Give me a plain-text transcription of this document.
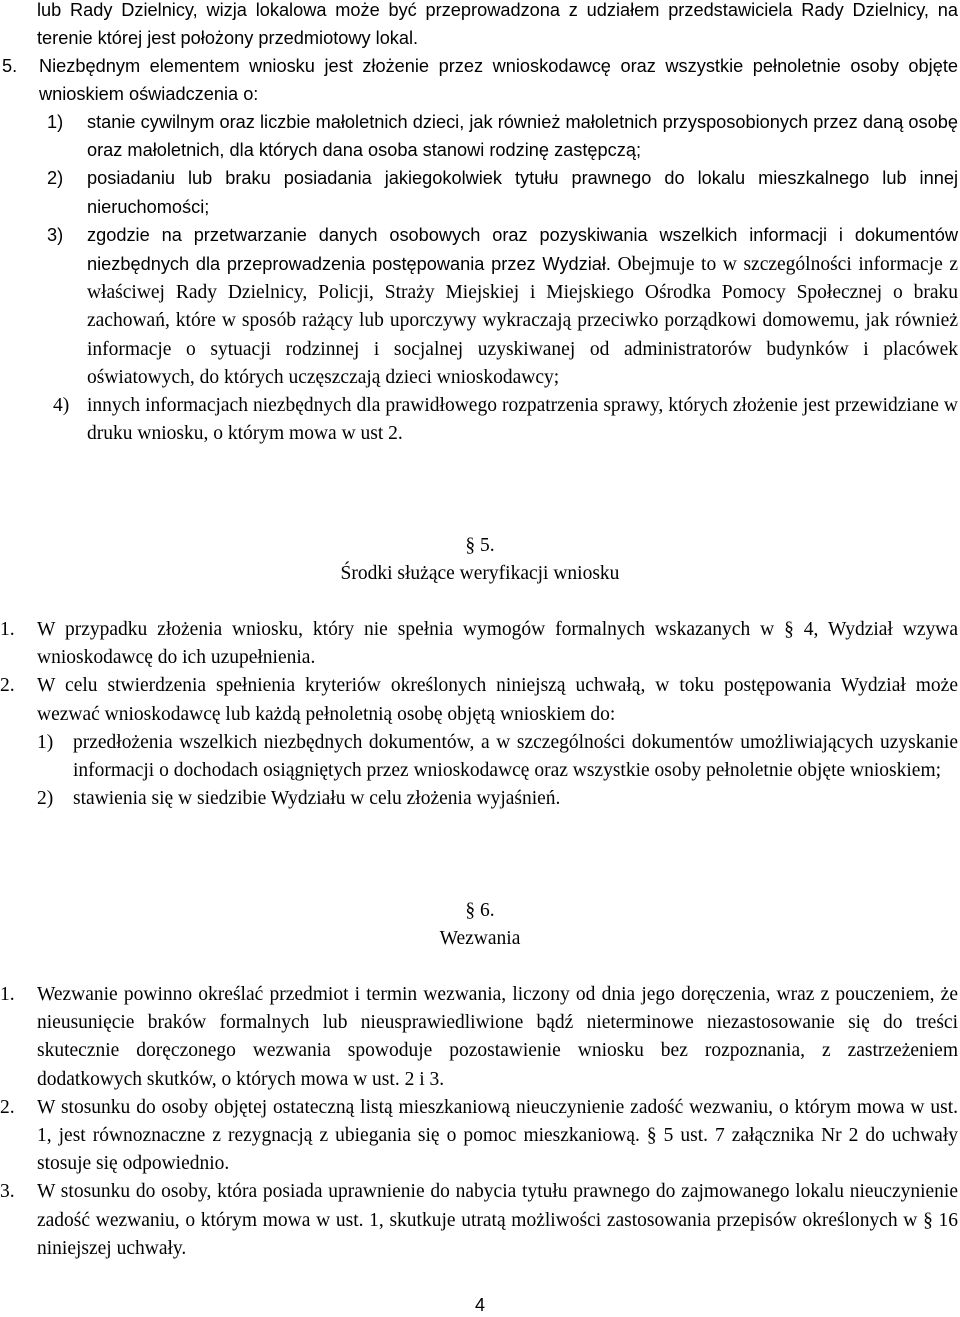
lub Rady Dzielnicy, wizja lokalowa może być przeprowadzona z udziałem przedstawiciela Rady Dzielnicy, na terenie której jest położony przedmiotowy lokal.
5.	Niezbędnym elementem wniosku jest złożenie przez wnioskodawcę oraz wszystkie pełnoletnie osoby objęte wnioskiem oświadczenia o:
1)	stanie cywilnym oraz liczbie małoletnich dzieci, jak również małoletnich przysposobionych przez daną osobę oraz małoletnich, dla których dana osoba stanowi rodzinę zastępczą;
2)	posiadaniu lub braku posiadania jakiegokolwiek tytułu prawnego do lokalu mieszkalnego lub innej nieruchomości;
3)	zgodzie na przetwarzanie danych osobowych oraz pozyskiwania wszelkich informacji i dokumentów niezbędnych dla przeprowadzenia postępowania przez Wydział. Obejmuje to w szczególności informacje z właściwej Rady Dzielnicy, Policji, Straży Miejskiej i Miejskiego Ośrodka Pomocy Społecznej o braku zachowań, które w sposób rażący lub uporczywy wykraczają przeciwko porządkowi domowemu, jak również informacje o sytuacji rodzinnej i socjalnej uzyskiwanej od administratorów budynków i placówek oświatowych, do których uczęszczają dzieci wnioskodawcy;
4) innych informacjach niezbędnych dla prawidłowego rozpatrzenia sprawy, których złożenie jest przewidziane w druku wniosku, o którym mowa w ust 2.
§ 5.
Środki służące weryfikacji wniosku
1.	W przypadku złożenia wniosku, który nie spełnia wymogów formalnych wskazanych w § 4, Wydział wzywa wnioskodawcę do ich uzupełnienia.
2.	W celu stwierdzenia spełnienia kryteriów określonych niniejszą uchwałą, w toku postępowania Wydział może wezwać wnioskodawcę lub każdą pełnoletnią osobę objętą wnioskiem do:
1)	przedłożenia wszelkich niezbędnych dokumentów, a w szczególności dokumentów umożliwiających uzyskanie informacji o dochodach osiągniętych przez wnioskodawcę oraz wszystkie osoby pełnoletnie objęte wnioskiem;
2)	stawienia się w siedzibie Wydziału w celu złożenia wyjaśnień.
§ 6.
Wezwania
1.	Wezwanie powinno określać przedmiot i termin wezwania, liczony od dnia jego doręczenia, wraz z pouczeniem, że nieusunięcie braków formalnych lub nieusprawiedliwione bądź nieterminowe niezastosowanie się do treści skutecznie doręczonego wezwania spowoduje pozostawienie wniosku bez rozpoznania, z zastrzeżeniem dodatkowych skutków, o których mowa w ust. 2 i 3.
2.	W stosunku do osoby objętej ostateczną listą mieszkaniową nieuczynienie zadość wezwaniu, o którym mowa w ust. 1, jest równoznaczne z rezygnacją z ubiegania się o pomoc mieszkaniową. § 5 ust. 7 załącznika Nr 2 do uchwały stosuje się odpowiednio.
3.	W stosunku do osoby, która posiada uprawnienie do nabycia tytułu prawnego do zajmowanego lokalu nieuczynienie zadość wezwaniu, o którym mowa w ust. 1, skutkuje utratą możliwości zastosowania przepisów określonych w § 16 niniejszej uchwały.
4
